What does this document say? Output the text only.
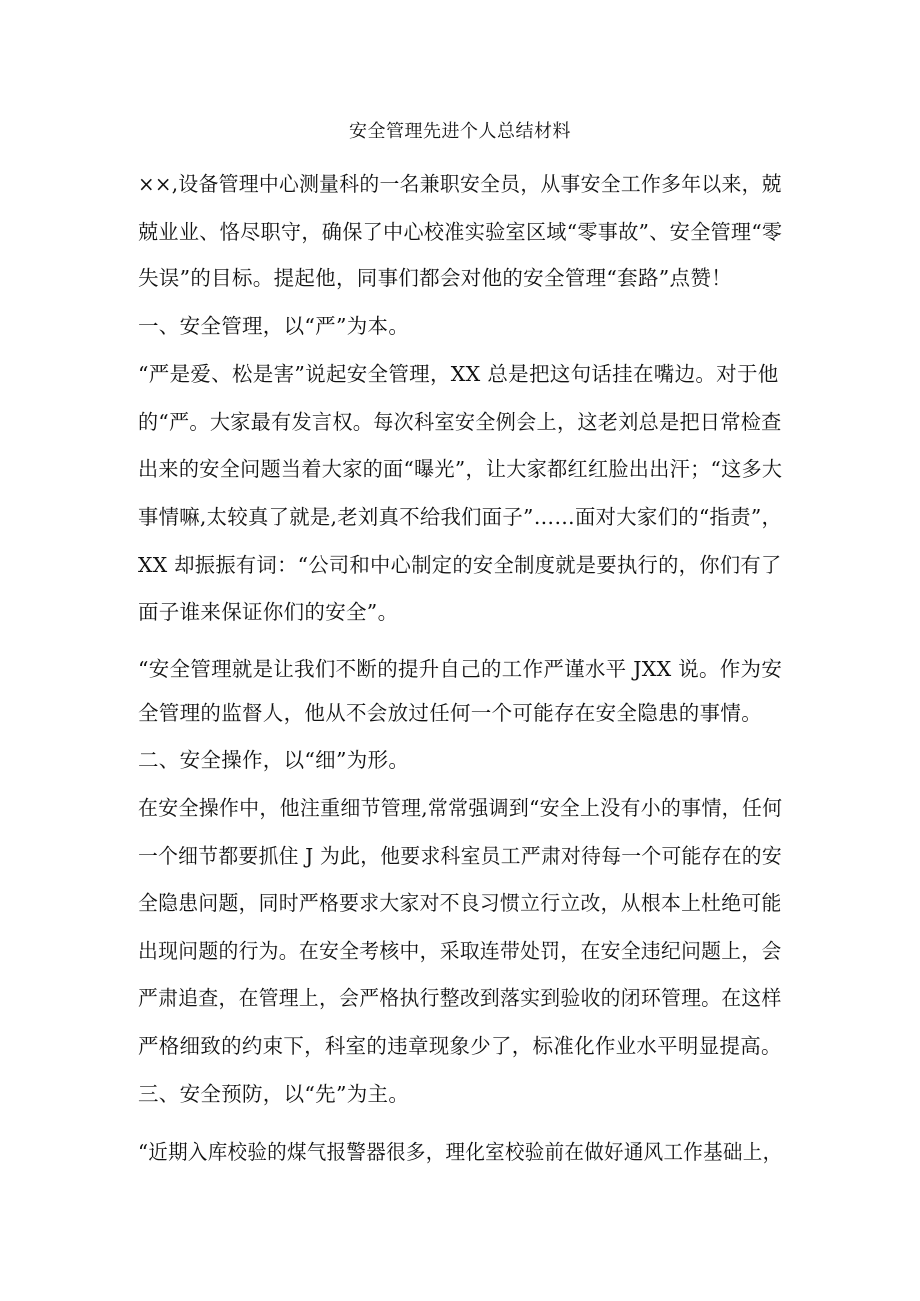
安全管理先进个人总结材料
××,设备管理中心测量科的一名兼职安全员，从事安全工作多年以来，兢
兢业业、恪尽职守，确保了中心校准实验室区域“零事故”、安全管理“零
失误”的目标。提起他，同事们都会对他的安全管理“套路”点赞！
一、安全管理，以“严”为本。
“严是爱、松是害”说起安全管理，XX 总是把这句话挂在嘴边。对于他
的“严。大家最有发言权。每次科室安全例会上，这老刘总是把日常检查
出来的安全问题当着大家的面“曝光”，让大家都红红脸出出汗；“这多大
事情嘛,太较真了就是,老刘真不给我们面子”……面对大家们的“指责”，
XX 却振振有词：“公司和中心制定的安全制度就是要执行的，你们有了
面子谁来保证你们的安全”。
“安全管理就是让我们不断的提升自己的工作严谨水平 JXX 说。作为安
全管理的监督人，他从不会放过任何一个可能存在安全隐患的事情。
二、安全操作，以“细”为形。
在安全操作中，他注重细节管理,常常强调到“安全上没有小的事情，任何
一个细节都要抓住 J 为此，他要求科室员工严肃对待每一个可能存在的安
全隐患问题，同时严格要求大家对不良习惯立行立改，从根本上杜绝可能
出现问题的行为。在安全考核中，采取连带处罚，在安全违纪问题上，会
严肃追查，在管理上，会严格执行整改到落实到验收的闭环管理。在这样
严格细致的约束下，科室的违章现象少了，标准化作业水平明显提高。
三、安全预防，以“先”为主。
“近期入库校验的煤气报警器很多，理化室校验前在做好通风工作基础上，
